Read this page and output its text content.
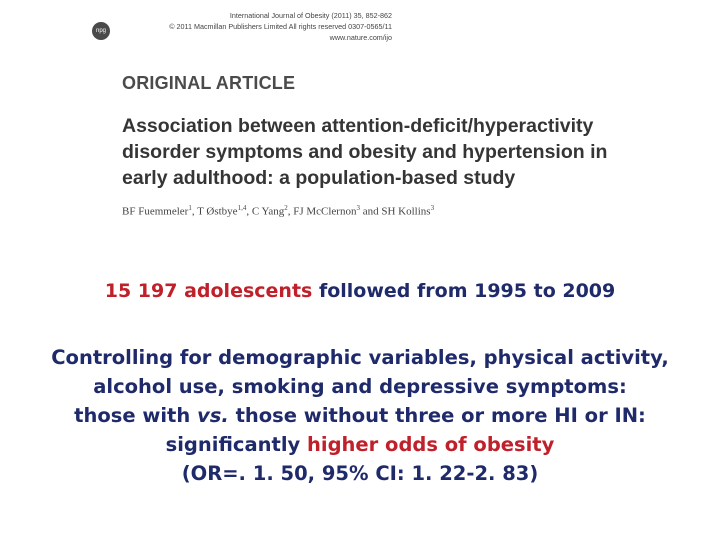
npg
International Journal of Obesity (2011) 35, 852-862
© 2011 Macmillan Publishers Limited All rights reserved 0307-0565/11
www.nature.com/ijo
ORIGINAL ARTICLE
Association between attention-deficit/hyperactivity
disorder symptoms and obesity and hypertension in
early adulthood: a population-based study
BF Fuemmeler$^1$, T Østbye$^{1,4}$, C Yang$^2$, FJ McClernon$^3$ and SH Kollins$^3$
15 197 adolescents followed from 1995 to 2009
Controlling for demographic variables, physical activity,
alcohol use, smoking and depressive symptoms:
those with vs. those without three or more HI or IN:
significantly higher odds of obesity
(OR=. 1. 50, 95% CI: 1. 22-2. 83)
